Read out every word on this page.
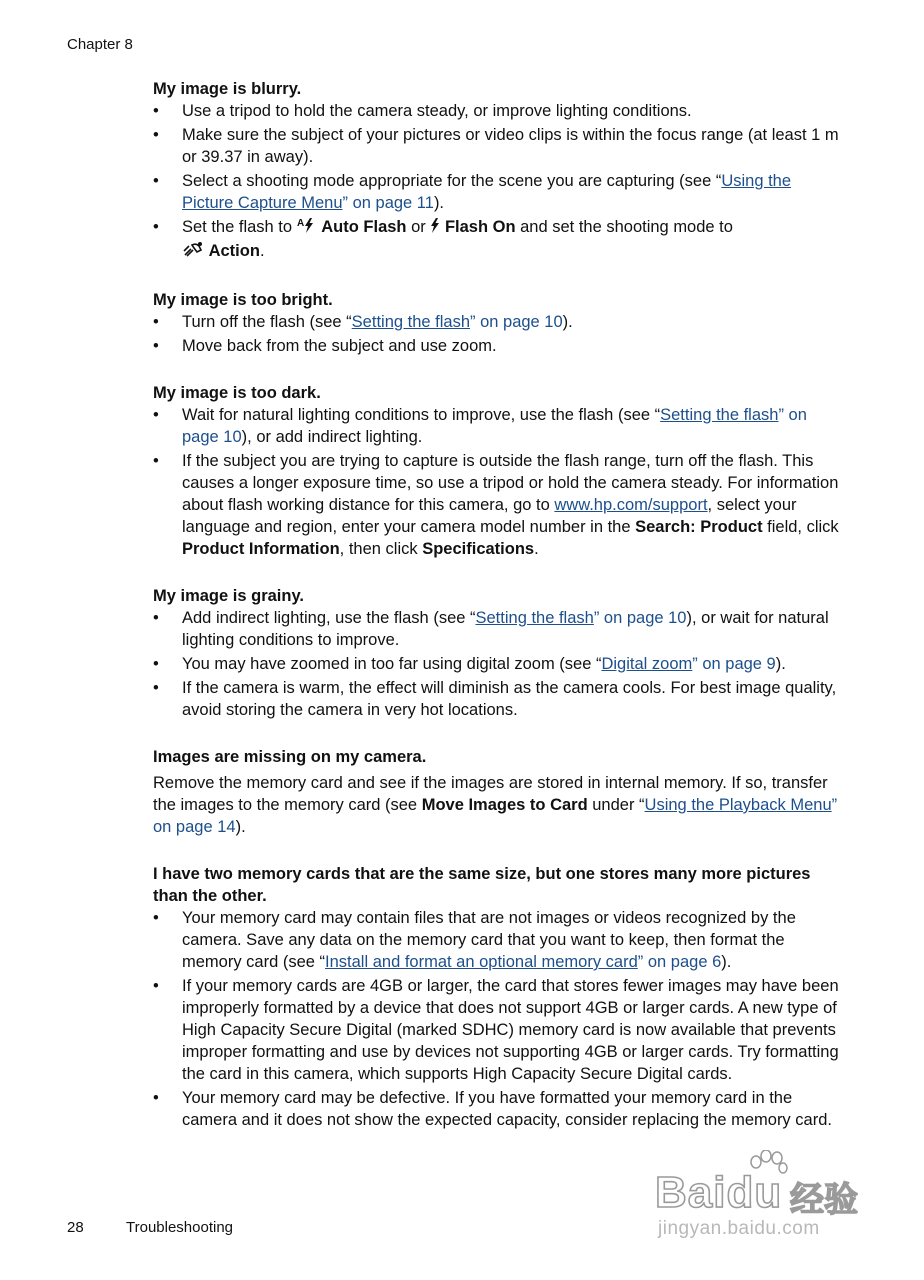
Chapter 8

My image is blurry.

• Use a tripod to hold the camera steady, or improve lighting conditions.
• Make sure the subject of your pictures or video clips is within the focus range (at least 1 m or 39.37 in away).
• Select a shooting mode appropriate for the scene you are capturing (see “Using the Picture Capture Menu” on page 11).
• Set the flash to A Auto Flash or  Flash On and set the shooting mode to
Action.

My image is too bright.

• Turn off the flash (see “Setting the flash” on page 10).
• Move back from the subject and use zoom.

My image is too dark.

• Wait for natural lighting conditions to improve, use the flash (see “Setting the flash” on page 10), or add indirect lighting.
• If the subject you are trying to capture is outside the flash range, turn off the flash. This causes a longer exposure time, so use a tripod or hold the camera steady. For information about flash working distance for this camera, go to www.hp.com/support, select your language and region, enter your camera model number in the Search: Product field, click Product Information, then click Specifications.

My image is grainy.

• Add indirect lighting, use the flash (see “Setting the flash” on page 10), or wait for natural lighting conditions to improve.
• You may have zoomed in too far using digital zoom (see “Digital zoom” on page 9).
• If the camera is warm, the effect will diminish as the camera cools. For best image quality, avoid storing the camera in very hot locations.

Images are missing on my camera.

Remove the memory card and see if the images are stored in internal memory. If so, transfer the images to the memory card (see Move Images to Card under “Using the Playback Menu” on page 14).

I have two memory cards that are the same size, but one stores many more pictures than the other.

• Your memory card may contain files that are not images or videos recognized by the camera. Save any data on the memory card that you want to keep, then format the memory card (see “Install and format an optional memory card” on page 6).
• If your memory cards are 4GB or larger, the card that stores fewer images may have been improperly formatted by a device that does not support 4GB or larger cards. A new type of High Capacity Secure Digital (marked SDHC) memory card is now available that prevents improper formatting and use by devices not supporting 4GB or larger cards. Try formatting the card in this camera, which supports High Capacity Secure Digital cards.
• Your memory card may be defective. If you have formatted your memory card in the camera and it does not show the expected capacity, consider replacing the memory card.
28	Troubleshooting
Baidu 经验
jingyan.baidu.com
